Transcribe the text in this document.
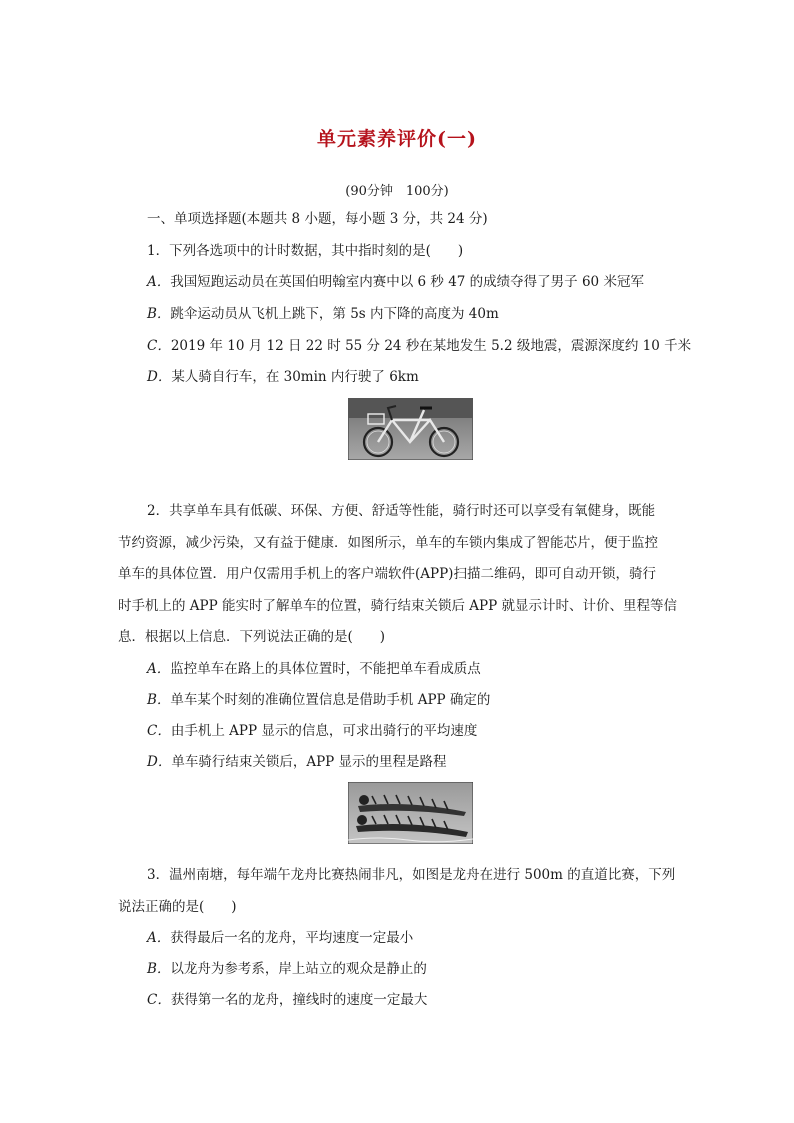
单元素养评价(一)
(90分钟　100分)
一、单项选择题(本题共 8 小题，每小题 3 分，共 24 分)
1．下列各选项中的计时数据，其中指时刻的是(　　)
A．我国短跑运动员在英国伯明翰室内赛中以 6 秒 47 的成绩夺得了男子 60 米冠军
B．跳伞运动员从飞机上跳下，第 5s 内下降的高度为 40m
C．2019 年 10 月 12 日 22 时 55 分 24 秒在某地发生 5.2 级地震，震源深度约 10 千米
D．某人骑自行车，在 30min 内行驶了 6km
2．共享单车具有低碳、环保、方便、舒适等性能，骑行时还可以享受有氧健身，既能
节约资源，减少污染，又有益于健康．如图所示，单车的车锁内集成了智能芯片，便于监控
单车的具体位置．用户仅需用手机上的客户端软件(APP)扫描二维码，即可自动开锁，骑行
时手机上的 APP 能实时了解单车的位置，骑行结束关锁后 APP 就显示计时、计价、里程等信
息．根据以上信息．下列说法正确的是(　　)
A．监控单车在路上的具体位置时，不能把单车看成质点
B．单车某个时刻的准确位置信息是借助手机 APP 确定的
C．由手机上 APP 显示的信息，可求出骑行的平均速度
D．单车骑行结束关锁后，APP 显示的里程是路程
3．温州南塘，每年端午龙舟比赛热闹非凡，如图是龙舟在进行 500m 的直道比赛，下列
说法正确的是(　　)
A．获得最后一名的龙舟，平均速度一定最小
B．以龙舟为参考系，岸上站立的观众是静止的
C．获得第一名的龙舟，撞线时的速度一定最大
